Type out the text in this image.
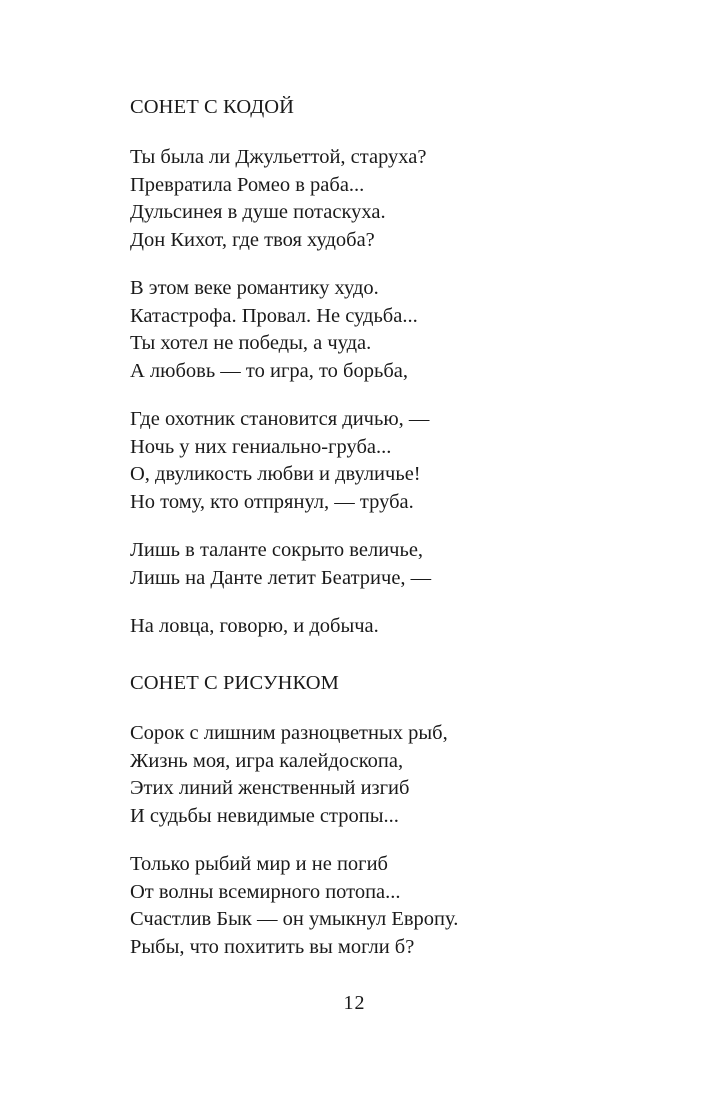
СОНЕТ С КОДОЙ

Ты была ли Джульеттой, старуха?

Превратила Ромео в раба...

Дульсинея в душе потаскуха.

Дон Кихот, где твоя худоба?

В этом веке романтику худо.

Катастрофа. Провал. Не судьба...

Ты хотел не победы, а чуда.

А любовь — то игра, то борьба,

Где охотник становится дичью, —

Ночь у них гениально-груба...

О, двуликость любви и двуличье!

Но тому, кто отпрянул, — труба.

Лишь в таланте сокрыто величье,

Лишь на Данте летит Беатриче, —

На ловца, говорю, и добыча.

СОНЕТ С РИСУНКОМ

Сорок с лишним разноцветных рыб,

Жизнь моя, игра калейдоскопа,

Этих линий женственный изгиб

И судьбы невидимые стропы...

Только рыбий мир и не погиб

От волны всемирного потопа...

Счастлив Бык — он умыкнул Европу.

Рыбы, что похитить вы могли б?

12
